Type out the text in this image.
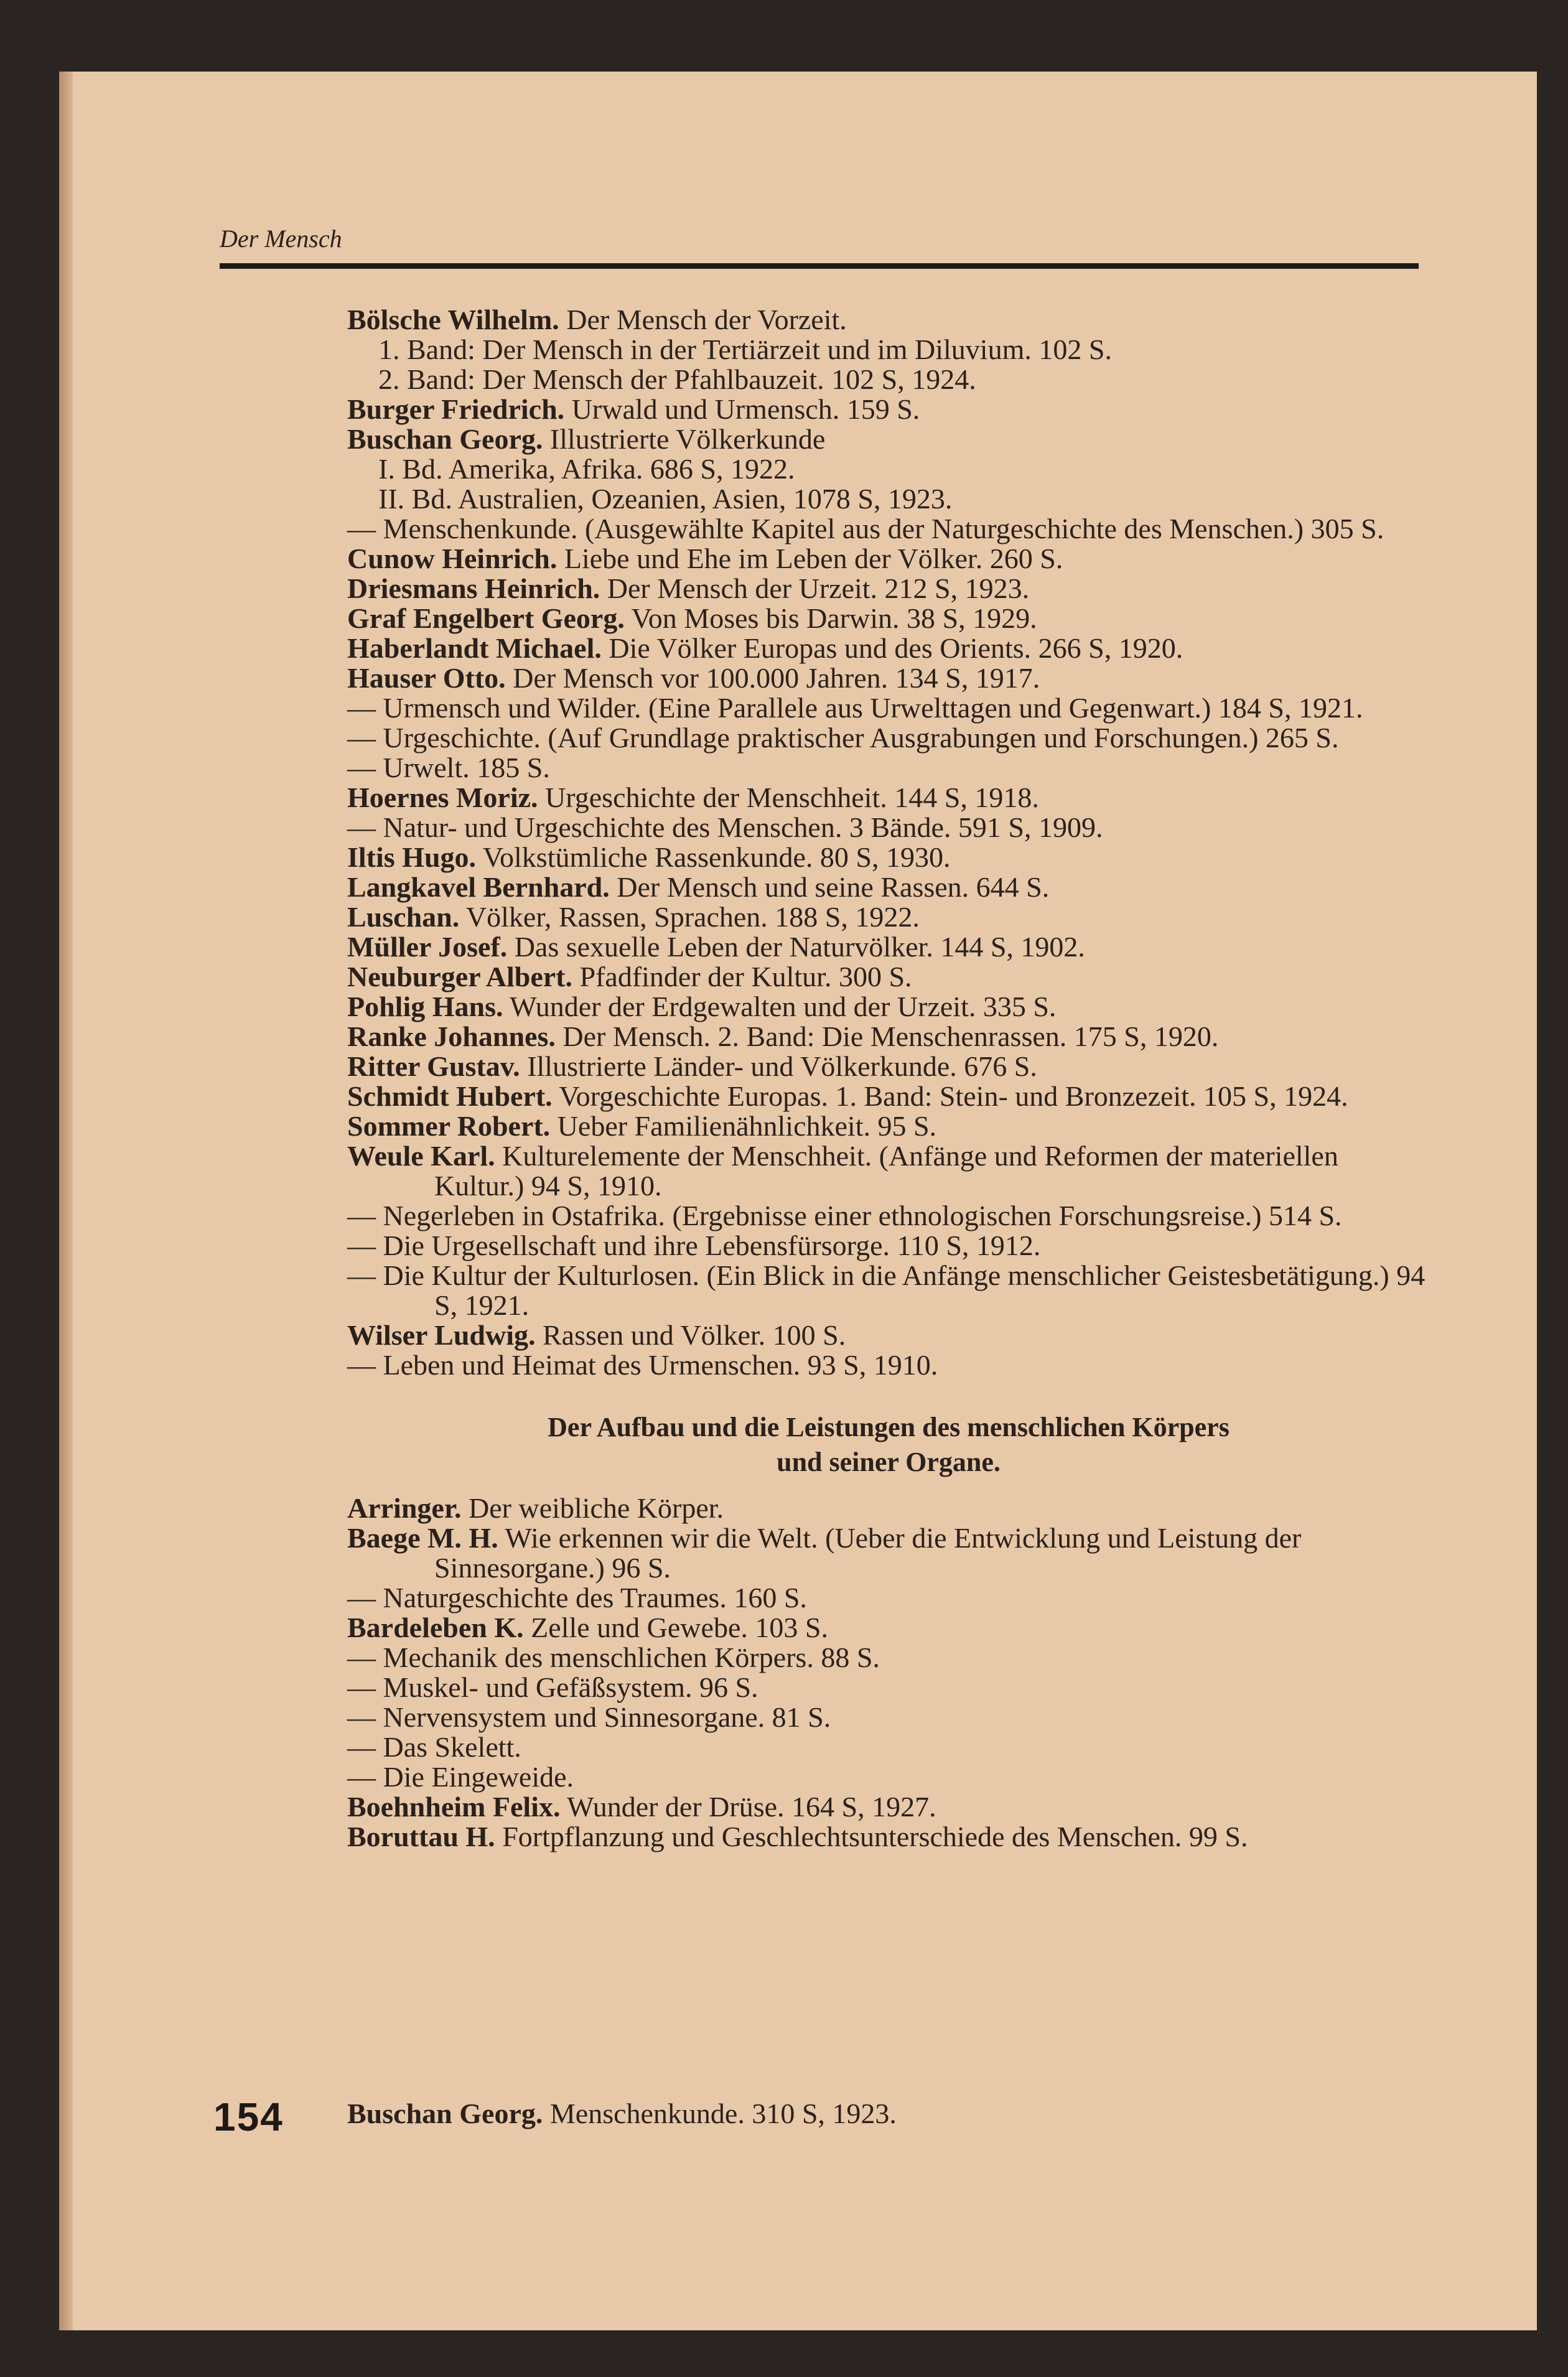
Der Mensch
Bölsche Wilhelm. Der Mensch der Vorzeit.
1. Band: Der Mensch in der Tertiärzeit und im Diluvium. 102 S.
2. Band: Der Mensch der Pfahlbauzeit. 102 S, 1924.
Burger Friedrich. Urwald und Urmensch. 159 S.
Buschan Georg. Illustrierte Völkerkunde
I. Bd. Amerika, Afrika. 686 S, 1922.
II. Bd. Australien, Ozeanien, Asien, 1078 S, 1923.
— Menschenkunde. (Ausgewählte Kapitel aus der Naturgeschichte des Menschen.) 305 S.
Cunow Heinrich. Liebe und Ehe im Leben der Völker. 260 S.
Driesmans Heinrich. Der Mensch der Urzeit. 212 S, 1923.
Graf Engelbert Georg. Von Moses bis Darwin. 38 S, 1929.
Haberlandt Michael. Die Völker Europas und des Orients. 266 S, 1920.
Hauser Otto. Der Mensch vor 100.000 Jahren. 134 S, 1917.
— Urmensch und Wilder. (Eine Parallele aus Urwelttagen und Gegenwart.) 184 S, 1921.
— Urgeschichte. (Auf Grundlage praktischer Ausgrabungen und Forschungen.) 265 S.
— Urwelt. 185 S.
Hoernes Moriz. Urgeschichte der Menschheit. 144 S, 1918.
— Natur- und Urgeschichte des Menschen. 3 Bände. 591 S, 1909.
Iltis Hugo. Volkstümliche Rassenkunde. 80 S, 1930.
Langkavel Bernhard. Der Mensch und seine Rassen. 644 S.
Luschan. Völker, Rassen, Sprachen. 188 S, 1922.
Müller Josef. Das sexuelle Leben der Naturvölker. 144 S, 1902.
Neuburger Albert. Pfadfinder der Kultur. 300 S.
Pohlig Hans. Wunder der Erdgewalten und der Urzeit. 335 S.
Ranke Johannes. Der Mensch. 2. Band: Die Menschenrassen. 175 S, 1920.
Ritter Gustav. Illustrierte Länder- und Völkerkunde. 676 S.
Schmidt Hubert. Vorgeschichte Europas. 1. Band: Stein- und Bronzezeit. 105 S, 1924.
Sommer Robert. Ueber Familienähnlichkeit. 95 S.
Weule Karl. Kulturelemente der Menschheit. (Anfänge und Reformen der materiellen Kultur.) 94 S, 1910.
— Negerleben in Ostafrika. (Ergebnisse einer ethnologischen Forschungsreise.) 514 S.
— Die Urgesellschaft und ihre Lebensfürsorge. 110 S, 1912.
— Die Kultur der Kulturlosen. (Ein Blick in die Anfänge menschlicher Geistesbetätigung.) 94 S, 1921.
Wilser Ludwig. Rassen und Völker. 100 S.
— Leben und Heimat des Urmenschen. 93 S, 1910.
Der Aufbau und die Leistungen des menschlichen Körpers
und seiner Organe.
Arringer. Der weibliche Körper.
Baege M. H. Wie erkennen wir die Welt. (Ueber die Entwicklung und Leistung der Sinnesorgane.) 96 S.
— Naturgeschichte des Traumes. 160 S.
Bardeleben K. Zelle und Gewebe. 103 S.
— Mechanik des menschlichen Körpers. 88 S.
— Muskel- und Gefäßsystem. 96 S.
— Nervensystem und Sinnesorgane. 81 S.
— Das Skelett.
— Die Eingeweide.
Boehnheim Felix. Wunder der Drüse. 164 S, 1927.
Boruttau H. Fortpflanzung und Geschlechtsunterschiede des Menschen. 99 S.
154 Buschan Georg. Menschenkunde. 310 S, 1923.
